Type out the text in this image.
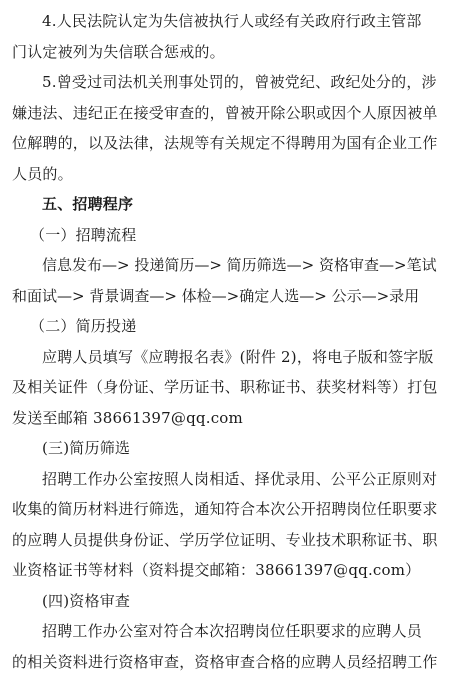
4.人民法院认定为失信被执行人或经有关政府行政主管部
门认定被列为失信联合惩戒的。
5.曾受过司法机关刑事处罚的，曾被党纪、政纪处分的，涉
嫌违法、违纪正在接受审查的，曾被开除公职或因个人原因被单
位解聘的，以及法律，法规等有关规定不得聘用为国有企业工作
人员的。
五、招聘程序
（一）招聘流程
信息发布—> 投递简历—> 简历筛选—> 资格审查—>笔试
和面试—> 背景调查—> 体检—>确定人选—> 公示—>录用
（二）简历投递
应聘人员填写《应聘报名表》(附件 2)，将电子版和签字版
及相关证件（身份证、学历证书、职称证书、获奖材料等）打包
发送至邮箱 38661397@qq.com
(三)简历筛选
招聘工作办公室按照人岗相适、择优录用、公平公正原则对
收集的简历材料进行筛选，通知符合本次公开招聘岗位任职要求
的应聘人员提供身份证、学历学位证明、专业技术职称证书、职
业资格证书等材料（资料提交邮箱：38661397@qq.com）
(四)资格审查
招聘工作办公室对符合本次招聘岗位任职要求的应聘人员
的相关资料进行资格审查，资格审查合格的应聘人员经招聘工作
